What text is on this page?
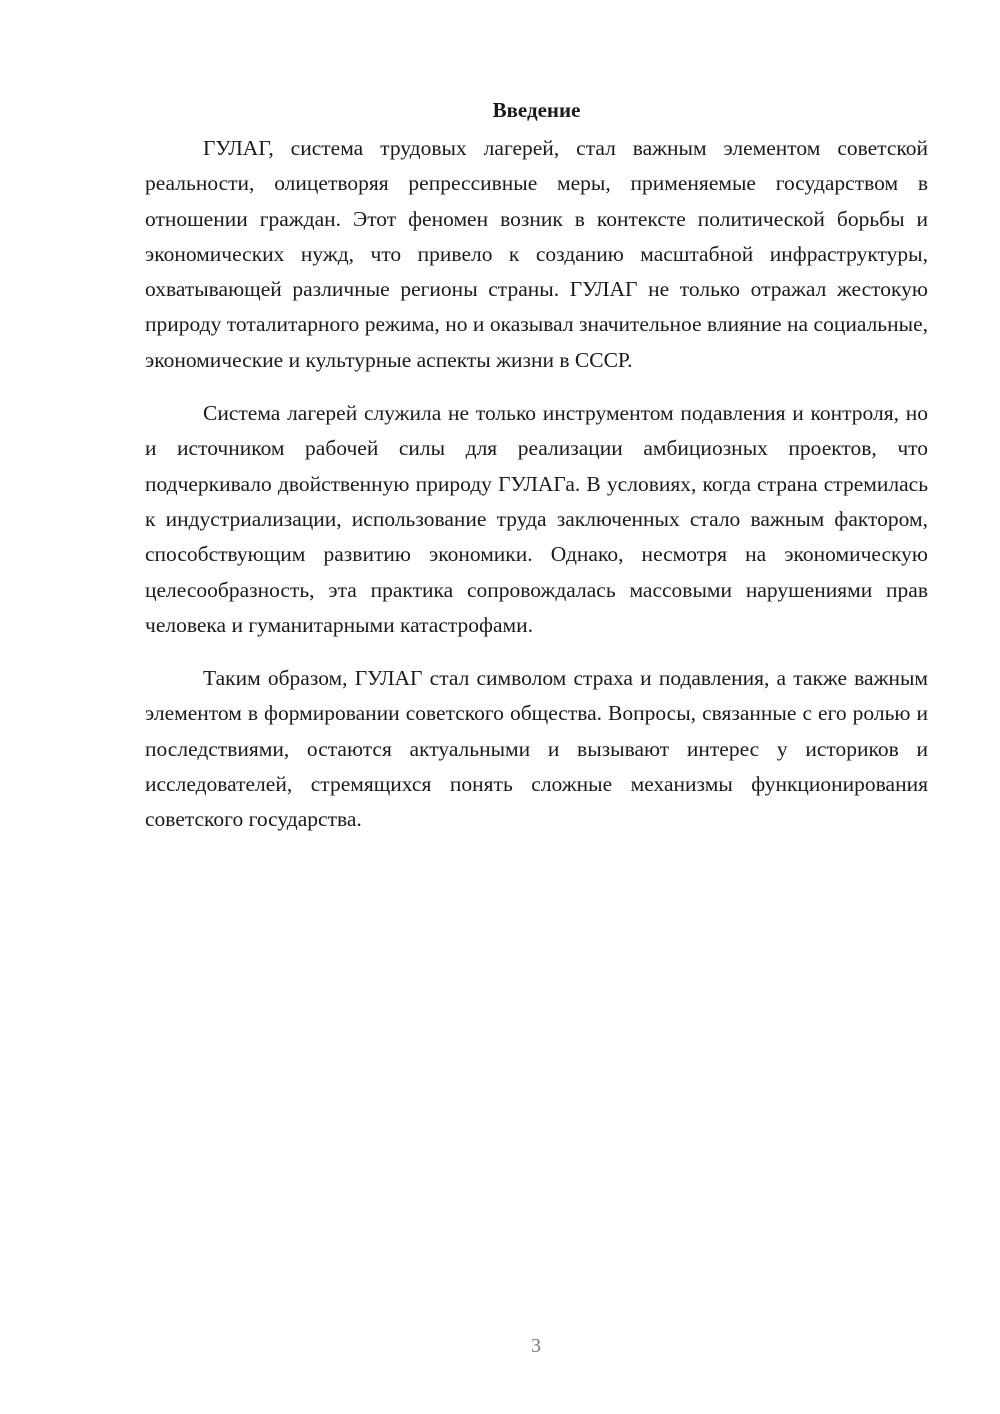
Введение

ГУЛАГ, система трудовых лагерей, стал важным элементом советской реальности, олицетворяя репрессивные меры, применяемые государством в отношении граждан. Этот феномен возник в контексте политической борьбы и экономических нужд, что привело к созданию масштабной инфраструктуры, охватывающей различные регионы страны. ГУЛАГ не только отражал жестокую природу тоталитарного режима, но и оказывал значительное влияние на социальные, экономические и культурные аспекты жизни в СССР.

Система лагерей служила не только инструментом подавления и контроля, но и источником рабочей силы для реализации амбициозных проектов, что подчеркивало двойственную природу ГУЛАГа. В условиях, когда страна стремилась к индустриализации, использование труда заключенных стало важным фактором, способствующим развитию экономики. Однако, несмотря на экономическую целесообразность, эта практика сопровождалась массовыми нарушениями прав человека и гуманитарными катастрофами.

Таким образом, ГУЛАГ стал символом страха и подавления, а также важным элементом в формировании советского общества. Вопросы, связанные с его ролью и последствиями, остаются актуальными и вызывают интерес у историков и исследователей, стремящихся понять сложные механизмы функционирования советского государства.

3
